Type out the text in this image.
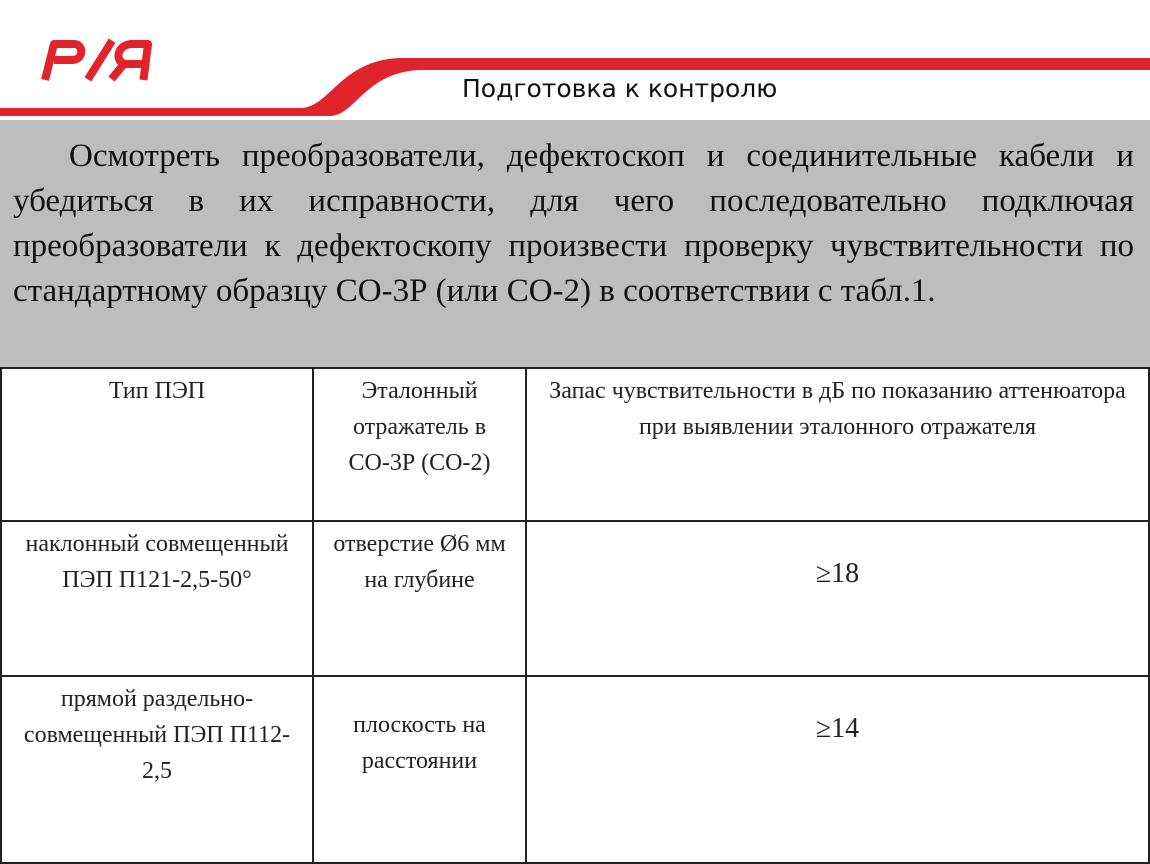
Подготовка к контролю

Осмотреть преобразователи, дефектоскоп и соединительные кабели и убедиться в их исправности, для чего последовательно подключая преобразователи к дефектоскопу произвести проверку чувствительности по стандартному образцу СО-3Р (или СО-2) в соответствии с табл.1.

Тип ПЭП	Эталонный отражатель в СО-3Р (СО-2)	Запас чувствительности в дБ по показанию аттенюатора при выявлении эталонного отражателя

наклонный совмещенный ПЭП П121-2,5-50°	отверстие Ø6 мм на глубине	≥18

прямой раздельно-совмещенный ПЭП П112-2,5	плоскость на расстоянии	≥14
